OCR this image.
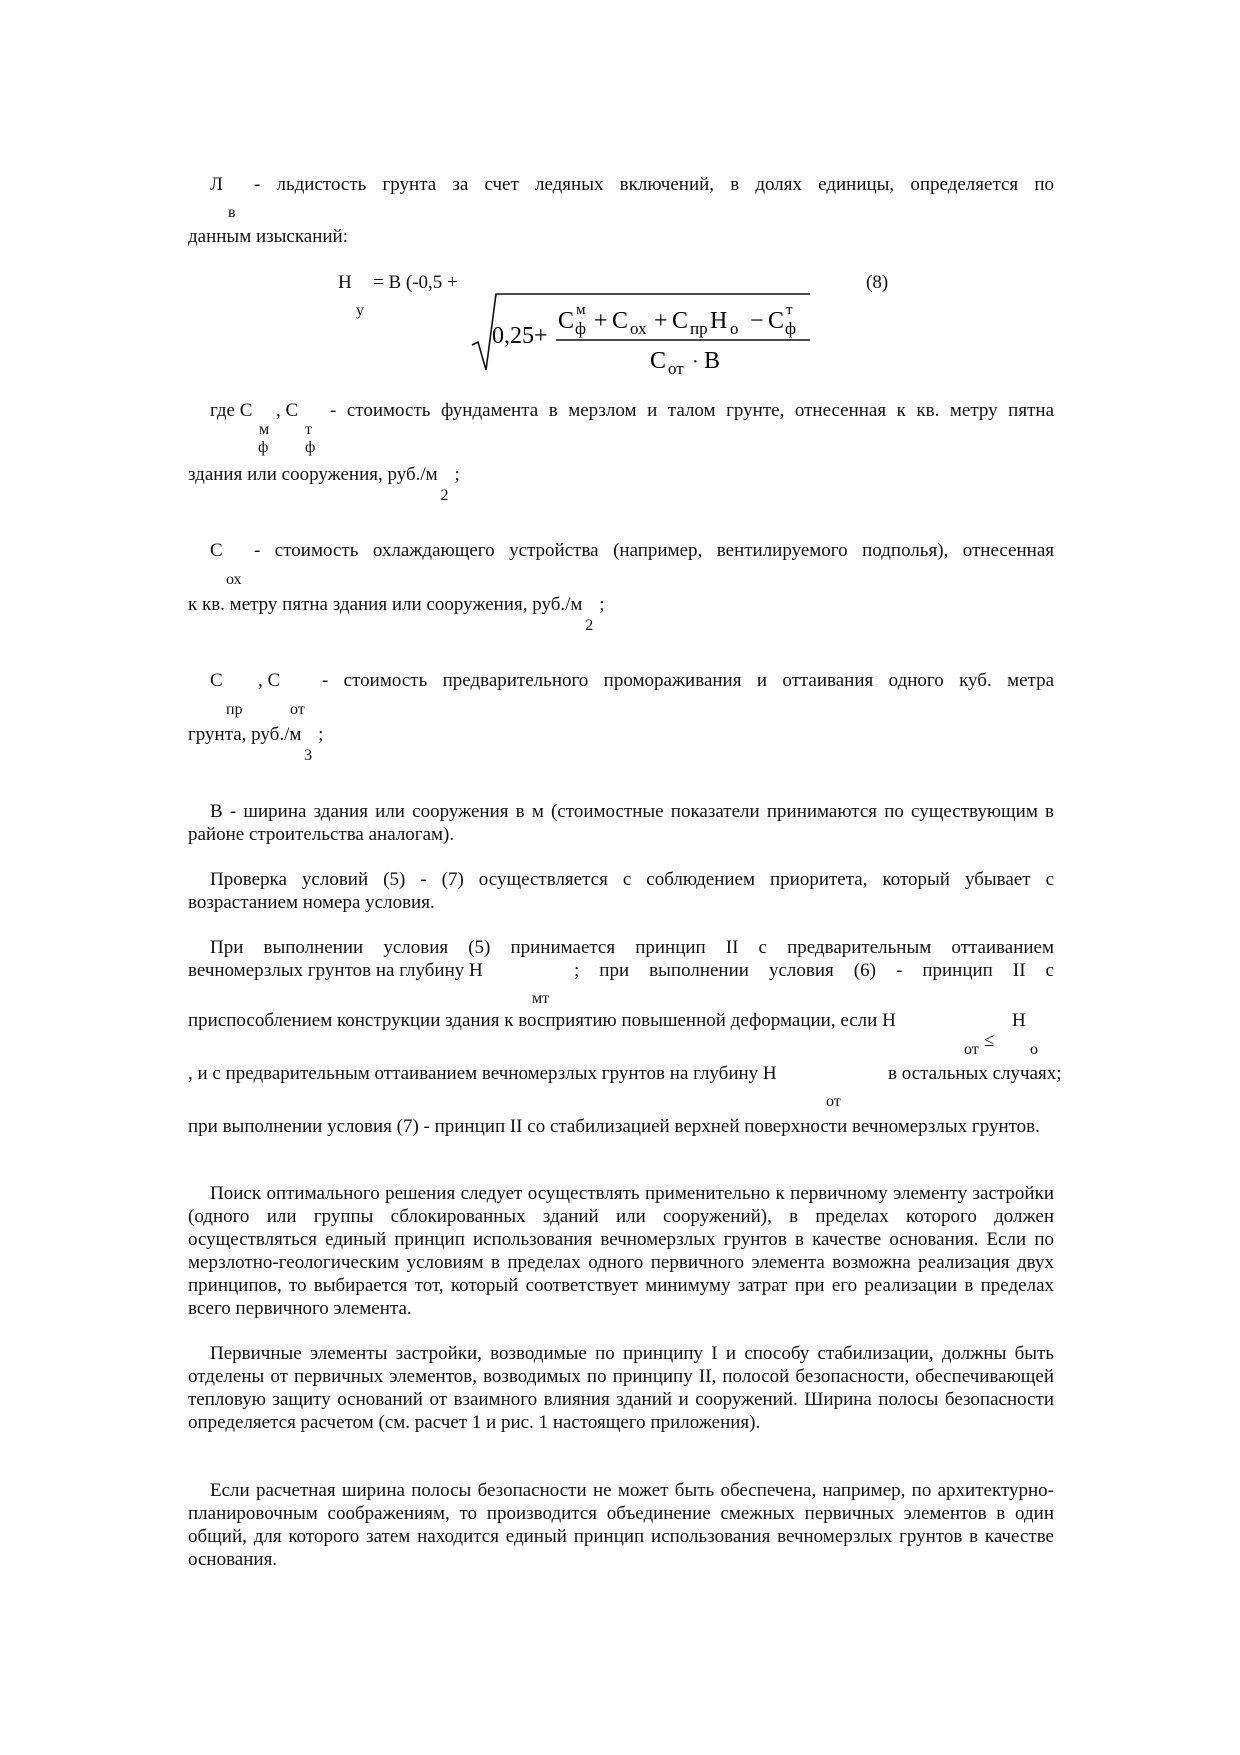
Л
в
- льдистость грунта за счет ледяных включений, в долях единицы, определяется по
данным изысканий:
Н
у
= В (-0,5 +	(8)
0,25+
С м
ф + С ох + С пр Н о − С т
ф
С от · В
где С
м
ф
, С
т
ф
- стоимость фундамента в мерзлом и талом грунте, отнесенная к кв. метру пятна
здания или сооружения, руб./м $_2$;
С
ох
- стоимость охлаждающего устройства (например, вентилируемого подполья), отнесенная
к кв. метру пятна здания или сооружения, руб./м $_2$;
С
пр
, С
от
- стоимость предварительного промораживания и оттаивания одного куб. метра
грунта, руб./м $_3$;
В - ширина здания или сооружения в м (стоимостные показатели принимаются по существующим в районе строительства аналогам).
Проверка условий (5) - (7) осуществляется с соблюдением приоритета, который убывает с возрастанием номера условия.
При выполнении условия (5) принимается принцип II с предварительным оттаиванием
вечномерзлых грунтов на глубину Н
мт
; при выполнении условия (6) - принцип II с
приспособлением конструкции здания к восприятию повышенной деформации, если Н
от ≤
Н
о
, и с предварительным оттаиванием вечномерзлых грунтов на глубину Н
от
в остальных случаях;
при выполнении условия (7) - принцип II со стабилизацией верхней поверхности вечномерзлых грунтов.
Поиск оптимального решения следует осуществлять применительно к первичному элементу застройки (одного или группы сблокированных зданий или сооружений), в пределах которого должен осуществляться единый принцип использования вечномерзлых грунтов в качестве основания. Если по мерзлотно-геологическим условиям в пределах одного первичного элемента возможна реализация двух принципов, то выбирается тот, который соответствует минимуму затрат при его реализации в пределах всего первичного элемента.
Первичные элементы застройки, возводимые по принципу I и способу стабилизации, должны быть отделены от первичных элементов, возводимых по принципу II, полосой безопасности, обеспечивающей тепловую защиту оснований от взаимного влияния зданий и сооружений. Ширина полосы безопасности определяется расчетом (см. расчет 1 и рис. 1 настоящего приложения).
Если расчетная ширина полосы безопасности не может быть обеспечена, например, по архитектурно-планировочным соображениям, то производится объединение смежных первичных элементов в один общий, для которого затем находится единый принцип использования вечномерзлых грунтов в качестве основания.
